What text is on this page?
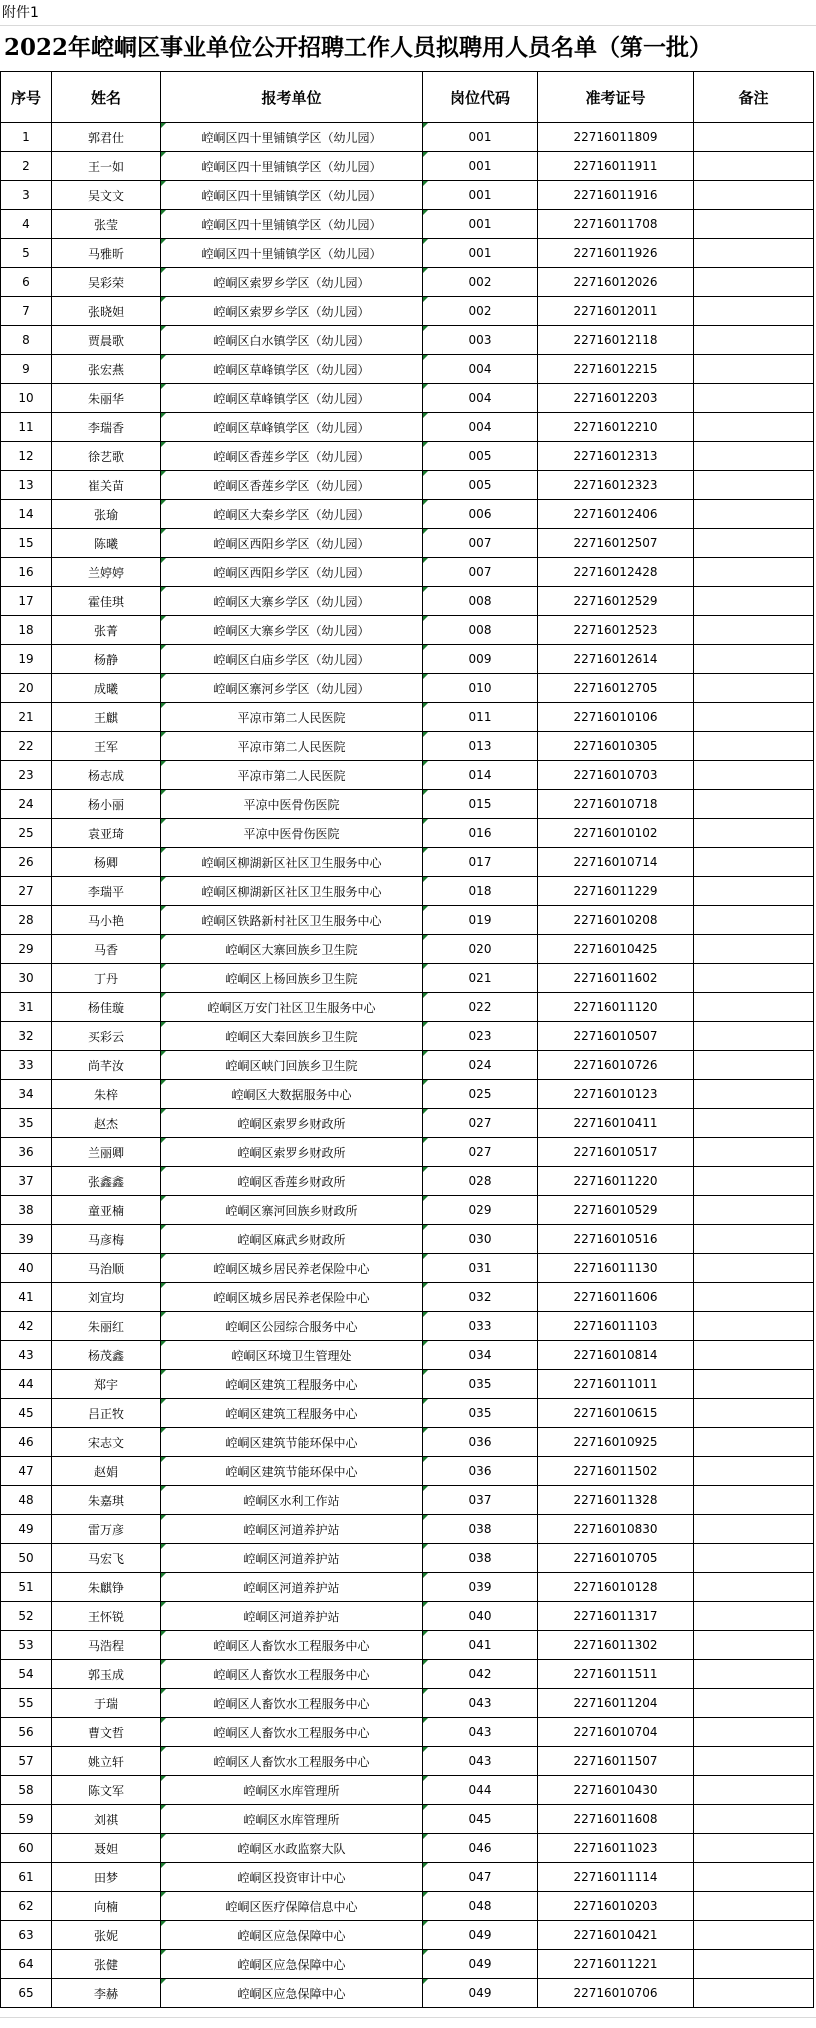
附件1
2022年崆峒区事业单位公开招聘工作人员拟聘用人员名单（第一批）
序号	姓名	报考单位	岗位代码	准考证号	备注
1	郭君仕	崆峒区四十里铺镇学区（幼儿园）	001	22716011809	
2	王一如	崆峒区四十里铺镇学区（幼儿园）	001	22716011911	
3	吴文文	崆峒区四十里铺镇学区（幼儿园）	001	22716011916	
4	张莹	崆峒区四十里铺镇学区（幼儿园）	001	22716011708	
5	马雅昕	崆峒区四十里铺镇学区（幼儿园）	001	22716011926	
6	吴彩荣	崆峒区索罗乡学区（幼儿园）	002	22716012026	
7	张晓妲	崆峒区索罗乡学区（幼儿园）	002	22716012011	
8	贾晨歌	崆峒区白水镇学区（幼儿园）	003	22716012118	
9	张宏燕	崆峒区草峰镇学区（幼儿园）	004	22716012215	
10	朱丽华	崆峒区草峰镇学区（幼儿园）	004	22716012203	
11	李瑞香	崆峒区草峰镇学区（幼儿园）	004	22716012210	
12	徐艺歌	崆峒区香莲乡学区（幼儿园）	005	22716012313	
13	崔关苗	崆峒区香莲乡学区（幼儿园）	005	22716012323	
14	张瑜	崆峒区大秦乡学区（幼儿园）	006	22716012406	
15	陈曦	崆峒区西阳乡学区（幼儿园）	007	22716012507	
16	兰婷婷	崆峒区西阳乡学区（幼儿园）	007	22716012428	
17	霍佳琪	崆峒区大寨乡学区（幼儿园）	008	22716012529	
18	张菁	崆峒区大寨乡学区（幼儿园）	008	22716012523	
19	杨静	崆峒区白庙乡学区（幼儿园）	009	22716012614	
20	成曦	崆峒区寨河乡学区（幼儿园）	010	22716012705	
21	王麒	平凉市第二人民医院	011	22716010106	
22	王军	平凉市第二人民医院	013	22716010305	
23	杨志成	平凉市第二人民医院	014	22716010703	
24	杨小丽	平凉中医骨伤医院	015	22716010718	
25	袁亚琦	平凉中医骨伤医院	016	22716010102	
26	杨卿	崆峒区柳湖新区社区卫生服务中心	017	22716010714	
27	李瑞平	崆峒区柳湖新区社区卫生服务中心	018	22716011229	
28	马小艳	崆峒区铁路新村社区卫生服务中心	019	22716010208	
29	马香	崆峒区大寨回族乡卫生院	020	22716010425	
30	丁丹	崆峒区上杨回族乡卫生院	021	22716011602	
31	杨佳璇	崆峒区万安门社区卫生服务中心	022	22716011120	
32	买彩云	崆峒区大秦回族乡卫生院	023	22716010507	
33	尚芊汝	崆峒区峡门回族乡卫生院	024	22716010726	
34	朱梓	崆峒区大数据服务中心	025	22716010123	
35	赵杰	崆峒区索罗乡财政所	027	22716010411	
36	兰丽卿	崆峒区索罗乡财政所	027	22716010517	
37	张鑫鑫	崆峒区香莲乡财政所	028	22716011220	
38	童亚楠	崆峒区寨河回族乡财政所	029	22716010529	
39	马彦梅	崆峒区麻武乡财政所	030	22716010516	
40	马治顺	崆峒区城乡居民养老保险中心	031	22716011130	
41	刘宣均	崆峒区城乡居民养老保险中心	032	22716011606	
42	朱丽红	崆峒区公园综合服务中心	033	22716011103	
43	杨茂鑫	崆峒区环境卫生管理处	034	22716010814	
44	郑宇	崆峒区建筑工程服务中心	035	22716011011	
45	吕正牧	崆峒区建筑工程服务中心	035	22716010615	
46	宋志文	崆峒区建筑节能环保中心	036	22716010925	
47	赵娟	崆峒区建筑节能环保中心	036	22716011502	
48	朱嘉琪	崆峒区水利工作站	037	22716011328	
49	雷万彦	崆峒区河道养护站	038	22716010830	
50	马宏飞	崆峒区河道养护站	038	22716010705	
51	朱麒铮	崆峒区河道养护站	039	22716010128	
52	王怀锐	崆峒区河道养护站	040	22716011317	
53	马浩程	崆峒区人畜饮水工程服务中心	041	22716011302	
54	郭玉成	崆峒区人畜饮水工程服务中心	042	22716011511	
55	于瑞	崆峒区人畜饮水工程服务中心	043	22716011204	
56	曹文哲	崆峒区人畜饮水工程服务中心	043	22716010704	
57	姚立轩	崆峒区人畜饮水工程服务中心	043	22716011507	
58	陈文军	崆峒区水库管理所	044	22716010430	
59	刘祺	崆峒区水库管理所	045	22716011608	
60	聂妲	崆峒区水政监察大队	046	22716011023	
61	田梦	崆峒区投资审计中心	047	22716011114	
62	向楠	崆峒区医疗保障信息中心	048	22716010203	
63	张妮	崆峒区应急保障中心	049	22716010421	
64	张健	崆峒区应急保障中心	049	22716011221	
65	李赫	崆峒区应急保障中心	049	22716010706	
